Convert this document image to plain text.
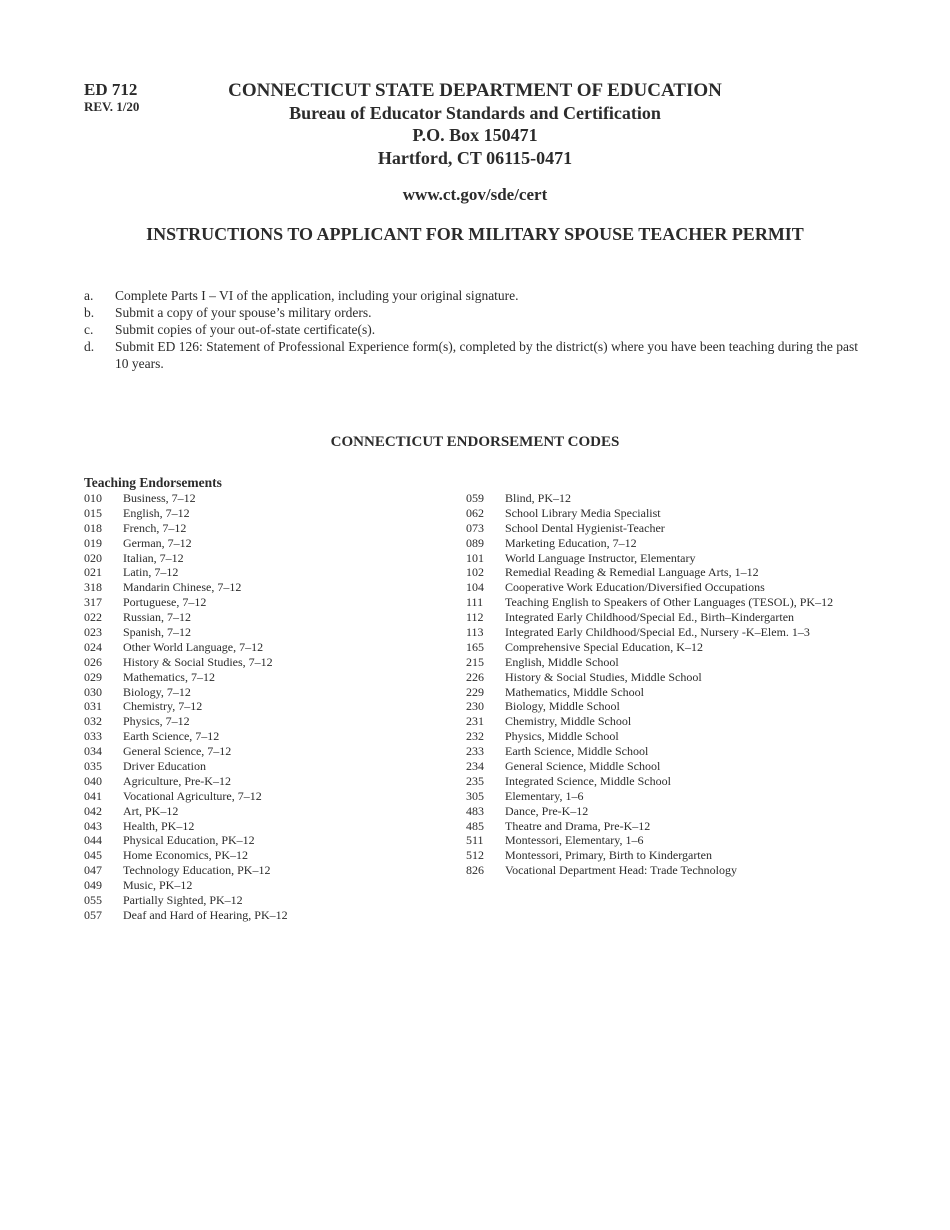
ED 712
REV. 1/20
CONNECTICUT STATE DEPARTMENT OF EDUCATION
Bureau of Educator Standards and Certification
P.O. Box 150471
Hartford, CT 06115-0471
www.ct.gov/sde/cert
INSTRUCTIONS TO APPLICANT FOR MILITARY SPOUSE TEACHER PERMIT
a.	Complete Parts I – VI of the application, including your original signature.
b.	Submit a copy of your spouse’s military orders.
c.	Submit copies of your out-of-state certificate(s).
d.	Submit ED 126: Statement of Professional Experience form(s), completed by the district(s) where you have been teaching during the past 10 years.
CONNECTICUT ENDORSEMENT CODES
Teaching Endorsements
010	Business, 7–12
015	English, 7–12
018	French, 7–12
019	German, 7–12
020	Italian, 7–12
021	Latin, 7–12
318	Mandarin Chinese, 7–12
317	Portuguese, 7–12
022	Russian, 7–12
023	Spanish, 7–12
024	Other World Language, 7–12
026	History & Social Studies, 7–12
029	Mathematics, 7–12
030	Biology, 7–12
031	Chemistry, 7–12
032	Physics, 7–12
033	Earth Science, 7–12
034	General Science, 7–12
035	Driver Education
040	Agriculture, Pre-K–12
041	Vocational Agriculture, 7–12
042	Art, PK–12
043	Health, PK–12
044	Physical Education, PK–12
045	Home Economics, PK–12
047	Technology Education, PK–12
049	Music, PK–12
055	Partially Sighted, PK–12
057	Deaf and Hard of Hearing, PK–12
059	Blind, PK–12
062	School Library Media Specialist
073	School Dental Hygienist-Teacher
089	Marketing Education, 7–12
101	World Language Instructor, Elementary
102	Remedial Reading & Remedial Language Arts, 1–12
104	Cooperative Work Education/Diversified Occupations
111	Teaching English to Speakers of Other Languages (TESOL), PK–12
112	Integrated Early Childhood/Special Ed., Birth–Kindergarten
113	Integrated Early Childhood/Special Ed., Nursery -K–Elem. 1–3
165	Comprehensive Special Education, K–12
215	English, Middle School
226	History & Social Studies, Middle School
229	Mathematics, Middle School
230	Biology, Middle School
231	Chemistry, Middle School
232	Physics, Middle School
233	Earth Science, Middle School
234	General Science, Middle School
235	Integrated Science, Middle School
305	Elementary, 1–6
483	Dance, Pre-K–12
485	Theatre and Drama, Pre-K–12
511	Montessori, Elementary, 1–6
512	Montessori, Primary, Birth to Kindergarten
826	Vocational Department Head: Trade Technology
